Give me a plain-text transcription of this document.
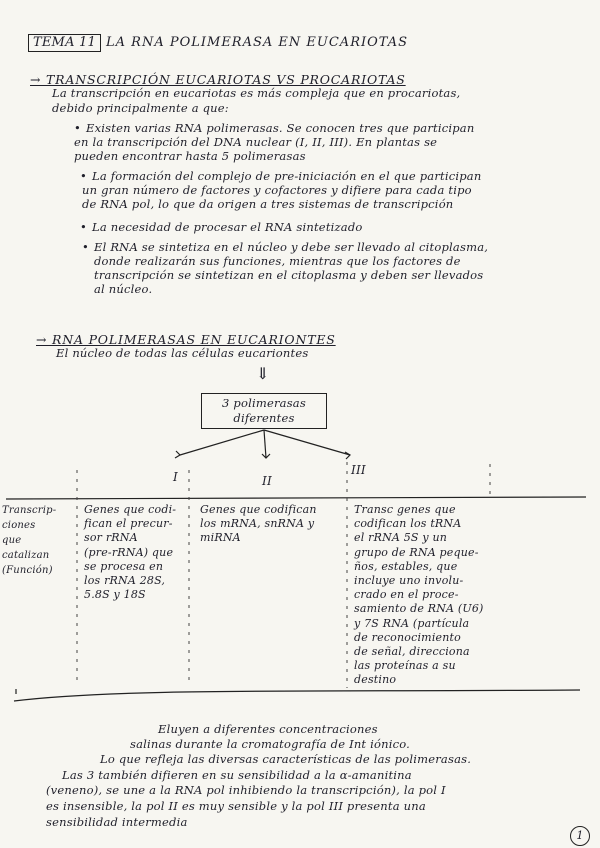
TEMA 11 LA RNA POLIMERASA EN EUCARIOTAS
→ TRANSCRIPCIÓN EUCARIOTAS VS PROCARIOTAS
La transcripción en eucariotas es más compleja que en procariotas,
debido principalmente a que:
• Existen varias RNA polimerasas. Se conocen tres que participan
en la transcripción del DNA nuclear (I, II, III). En plantas se
pueden encontrar hasta 5 polimerasas
• La formación del complejo de pre-iniciación en el que participan
un gran número de factores y cofactores y difiere para cada tipo
de RNA pol, lo que da origen a tres sistemas de transcripción
• La necesidad de procesar el RNA sintetizado
• El RNA se sintetiza en el núcleo y debe ser llevado al citoplasma,
donde realizarán sus funciones, mientras que los factores de
transcripción se sintetizan en el citoplasma y deben ser llevados
al núcleo.
→ RNA POLIMERASAS EN EUCARIONTES
El núcleo de todas las células eucariontes
⇓
3 polimerasas
diferentes
I	II
III
Transcrip-
ciones
que
catalizan
(Función)
Genes que codi-
fican el precur-
sor rRNA
(pre-rRNA) que
se procesa en
los rRNA 28S,
5.8S y 18S
Genes que codifican
los mRNA, snRNA y
miRNA
Transc genes que
codifican los tRNA
el rRNA 5S y un
grupo de RNA peque-
ños, estables, que
incluye uno involu-
crado en el proce-
samiento de RNA (U6)
y 7S RNA (partícula
de reconocimiento
de señal, direcciona
las proteínas a su
destino
Eluyen a diferentes concentraciones
salinas durante la cromatografía de Int iónico.
Lo que refleja las diversas características de las polimerasas.
Las 3 también difieren en su sensibilidad a la α-amanitina
(veneno), se une a la RNA pol inhibiendo la transcripción), la pol I
es insensible, la pol II es muy sensible y la pol III presenta una
sensibilidad intermedia
1
